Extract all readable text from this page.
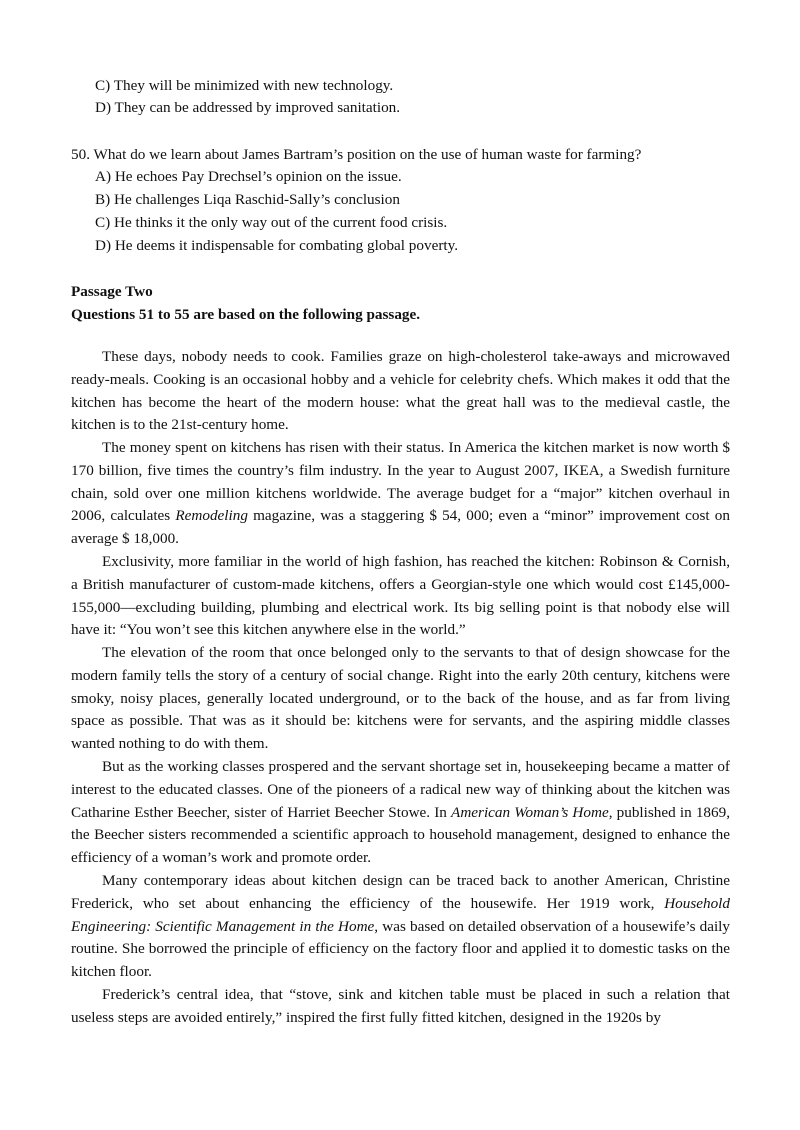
C) They will be minimized with new technology.
D) They can be addressed by improved sanitation.
50. What do we learn about James Bartram’s position on the use of human waste for farming?
A) He echoes Pay Drechsel’s opinion on the issue.
B) He challenges Liqa Raschid-Sally’s conclusion
C) He thinks it the only way out of the current food crisis.
D) He deems it indispensable for combating global poverty.
Passage Two
Questions 51 to 55 are based on the following passage.

These days, nobody needs to cook. Families graze on high-cholesterol take-aways and microwaved ready-meals. Cooking is an occasional hobby and a vehicle for celebrity chefs. Which makes it odd that the kitchen has become the heart of the modern house: what the great hall was to the medieval castle, the kitchen is to the 21st-century home.

The money spent on kitchens has risen with their status. In America the kitchen market is now worth $ 170 billion, five times the country’s film industry. In the year to August 2007, IKEA, a Swedish furniture chain, sold over one million kitchens worldwide. The average budget for a “major” kitchen overhaul in 2006, calculates Remodeling magazine, was a staggering $ 54, 000; even a “minor” improvement cost on average $ 18,000.

Exclusivity, more familiar in the world of high fashion, has reached the kitchen: Robinson & Cornish, a British manufacturer of custom-made kitchens, offers a Georgian-style one which would cost £145,000-155,000—excluding building, plumbing and electrical work. Its big selling point is that nobody else will have it: “You won’t see this kitchen anywhere else in the world.”

The elevation of the room that once belonged only to the servants to that of design showcase for the modern family tells the story of a century of social change. Right into the early 20th century, kitchens were smoky, noisy places, generally located underground, or to the back of the house, and as far from living space as possible. That was as it should be: kitchens were for servants, and the aspiring middle classes wanted nothing to do with them.

But as the working classes prospered and the servant shortage set in, housekeeping became a matter of interest to the educated classes. One of the pioneers of a radical new way of thinking about the kitchen was Catharine Esther Beecher, sister of Harriet Beecher Stowe. In American Woman’s Home, published in 1869, the Beecher sisters recommended a scientific approach to household management, designed to enhance the efficiency of a woman’s work and promote order.

Many contemporary ideas about kitchen design can be traced back to another American, Christine Frederick, who set about enhancing the efficiency of the housewife. Her 1919 work, Household Engineering: Scientific Management in the Home, was based on detailed observation of a housewife’s daily routine. She borrowed the principle of efficiency on the factory floor and applied it to domestic tasks on the kitchen floor.

Frederick’s central idea, that “stove, sink and kitchen table must be placed in such a relation that useless steps are avoided entirely,” inspired the first fully fitted kitchen, designed in the 1920s by
